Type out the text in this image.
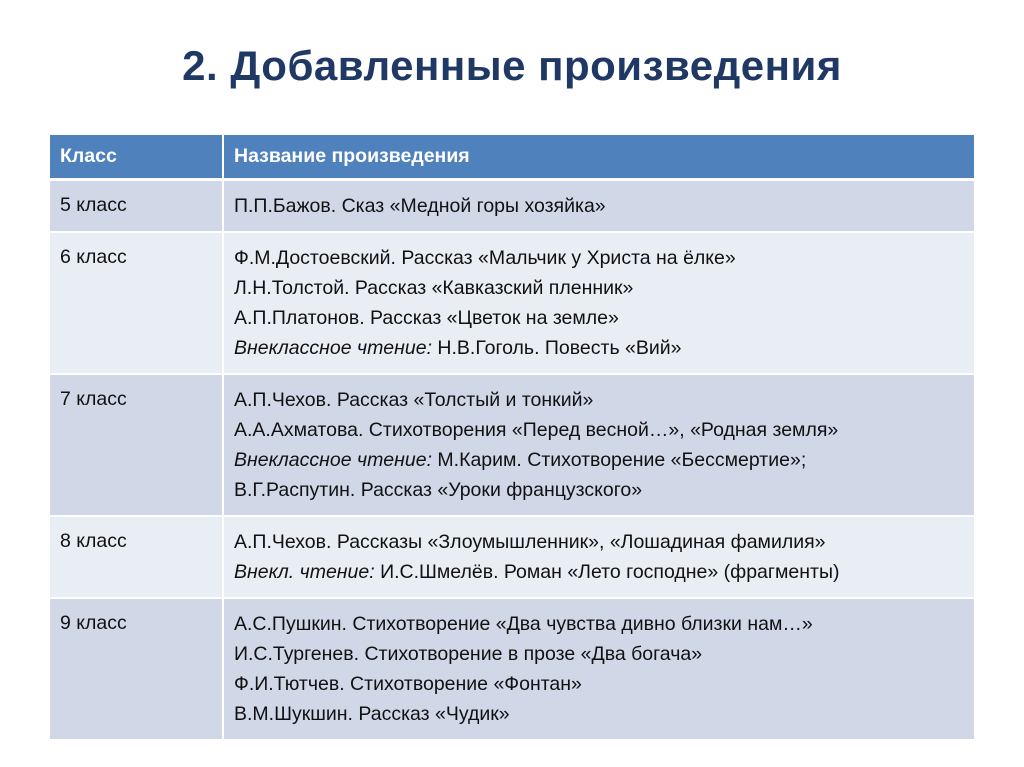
2. Добавленные произведения
Класс	Название произведения
5 класс	П.П.Бажов. Сказ «Медной горы хозяйка»

6 класс	Ф.М.Достоевский. Рассказ «Мальчик у Христа на ёлке»
Л.Н.Толстой. Рассказ «Кавказский пленник»
А.П.Платонов. Рассказ «Цветок на земле»
Внеклассное чтение: Н.В.Гоголь. Повесть «Вий»

7 класс	А.П.Чехов. Рассказ «Толстый и тонкий»
А.А.Ахматова. Стихотворения «Перед весной…», «Родная земля»
Внеклассное чтение: М.Карим. Стихотворение «Бессмертие»;
В.Г.Распутин. Рассказ «Уроки французского»

8 класс	А.П.Чехов. Рассказы «Злоумышленник», «Лошадиная фамилия»
Внекл. чтение: И.С.Шмелёв. Роман «Лето господне» (фрагменты)

9 класс	А.С.Пушкин. Стихотворение «Два чувства дивно близки нам…»
И.С.Тургенев. Стихотворение в прозе «Два богача»
Ф.И.Тютчев. Стихотворение «Фонтан»
В.М.Шукшин. Рассказ «Чудик»
